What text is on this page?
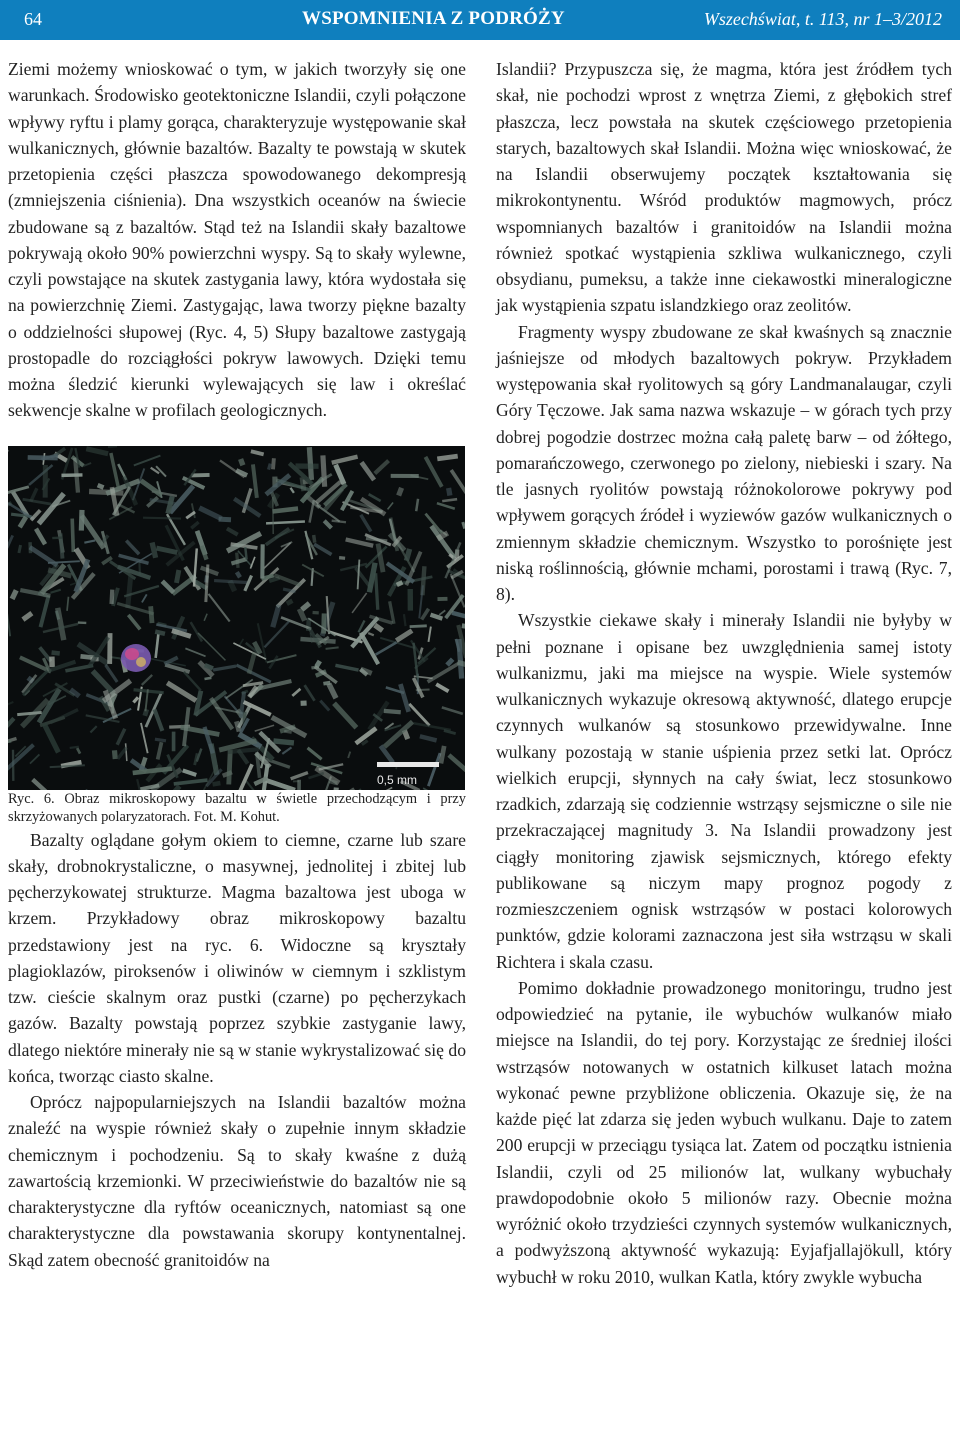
64	WSPOMNIENIA Z PODRÓŻY	Wszechświat, t. 113, nr 1–3/2012

Ziemi możemy wnioskować o tym, w jakich tworzyły się one warunkach. Środowisko geotektoniczne Islandii, czyli połączone wpływy ryftu i plamy gorąca, charakteryzuje występowanie skał wulkanicznych, głównie bazaltów. Bazalty te powstają w skutek przetopienia części płaszcza spowodowanego dekompresją (zmniejszenia ciśnienia). Dna wszystkich oceanów na świecie zbudowane są z bazaltów. Stąd też na Islandii skały bazaltowe pokrywają około 90% powierzchni wyspy. Są to skały wylewne, czyli powstające na skutek zastygania lawy, która wydostała się na powierzchnię Ziemi. Zastygając, lawa tworzy piękne bazalty o oddzielności słupowej (Ryc. 4, 5) Słupy bazaltowe zastygają prostopadle do rozciągłości pokryw lawowych. Dzięki temu można śledzić kierunki wylewających się law i określać sekwencje skalne w profilach geologicznych.

0,5 mm

Ryc. 6. Obraz mikroskopowy bazaltu w świetle przechodzącym i przy skrzyżowanych polaryzatorach. Fot. M. Kohut.

Bazalty oglądane gołym okiem to ciemne, czarne lub szare skały, drobnokrystaliczne, o masywnej, jednolitej i zbitej lub pęcherzykowatej strukturze. Magma bazaltowa jest uboga w krzem. Przykładowy obraz mikroskopowy bazaltu przedstawiony jest na ryc. 6. Widoczne są kryształy plagioklazów, piroksenów i oliwinów w ciemnym i szklistym tzw. cieście skalnym oraz pustki (czarne) po pęcherzykach gazów. Bazalty powstają poprzez szybkie zastyganie lawy, dlatego niektóre minerały nie są w stanie wykrystalizować się do końca, tworząc ciasto skalne.

Oprócz najpopularniejszych na Islandii bazaltów można znaleźć na wyspie również skały o zupełnie innym składzie chemicznym i pochodzeniu. Są to skały kwaśne z dużą zawartością krzemionki. W przeciwieństwie do bazaltów nie są charakterystyczne dla ryftów oceanicznych, natomiast są one charakterystyczne dla powstawania skorupy kontynentalnej. Skąd zatem obecność granitoidów na

Islandii? Przypuszcza się, że magma, która jest źródłem tych skał, nie pochodzi wprost z wnętrza Ziemi, z głębokich stref płaszcza, lecz powstała na skutek częściowego przetopienia starych, bazaltowych skał Islandii. Można więc wnioskować, że na Islandii obserwujemy początek kształtowania się mikrokontynentu. Wśród produktów magmowych, prócz wspomnianych bazaltów i granitoidów na Islandii można również spotkać wystąpienia szkliwa wulkanicznego, czyli obsydianu, pumeksu, a także inne ciekawostki mineralogiczne jak wystąpienia szpatu islandzkiego oraz zeolitów.

Fragmenty wyspy zbudowane ze skał kwaśnych są znacznie jaśniejsze od młodych bazaltowych pokryw. Przykładem występowania skał ryolitowych są góry Landmanalaugar, czyli Góry Tęczowe. Jak sama nazwa wskazuje – w górach tych przy dobrej pogodzie dostrzec można całą paletę barw – od żółtego, pomarańczowego, czerwonego po zielony, niebieski i szary. Na tle jasnych ryolitów powstają różnokolorowe pokrywy pod wpływem gorących źródeł i wyziewów gazów wulkanicznych o zmiennym składzie chemicznym. Wszystko to porośnięte jest niską roślinnością, głównie mchami, porostami i trawą (Ryc. 7, 8).

Wszystkie ciekawe skały i minerały Islandii nie byłyby w pełni poznane i opisane bez uwzględnienia samej istoty wulkanizmu, jaki ma miejsce na wyspie. Wiele systemów wulkanicznych wykazuje okresową aktywność, dlatego erupcje czynnych wulkanów są stosunkowo przewidywalne. Inne wulkany pozostają w stanie uśpienia przez setki lat. Oprócz wielkich erupcji, słynnych na cały świat, lecz stosunkowo rzadkich, zdarzają się codziennie wstrząsy sejsmiczne o sile nie przekraczającej magnitudy 3. Na Islandii prowadzony jest ciągły monitoring zjawisk sejsmicznych, którego efekty publikowane są niczym mapy prognoz pogody z rozmieszczeniem ognisk wstrząsów w postaci kolorowych punktów, gdzie kolorami zaznaczona jest siła wstrząsu w skali Richtera i skala czasu.

Pomimo dokładnie prowadzonego monitoringu, trudno jest odpowiedzieć na pytanie, ile wybuchów wulkanów miało miejsce na Islandii, do tej pory. Korzystając ze średniej ilości wstrząsów notowanych w ostatnich kilkuset latach można wykonać pewne przybliżone obliczenia. Okazuje się, że na każde pięć lat zdarza się jeden wybuch wulkanu. Daje to zatem 200 erupcji w przeciągu tysiąca lat. Zatem od początku istnienia Islandii, czyli od 25 milionów lat, wulkany wybuchały prawdopodobnie około 5 milionów razy. Obecnie można wyróżnić około trzydzieści czynnych systemów wulkanicznych, a podwyższoną aktywność wykazują: Eyjafjallajökull, który wybuchł w roku 2010, wulkan Katla, który zwykle wybucha
